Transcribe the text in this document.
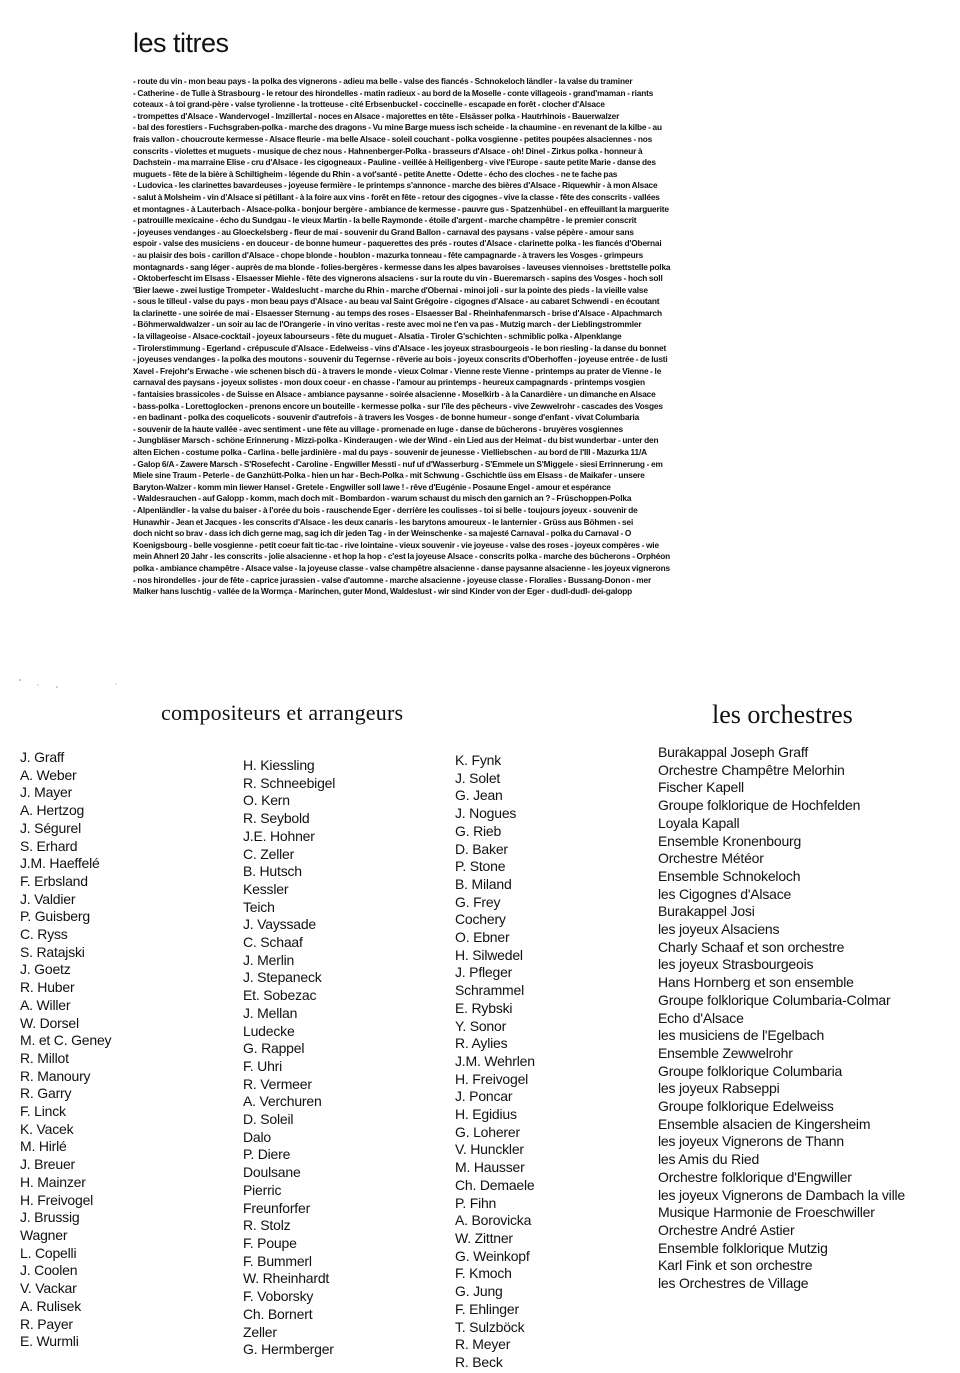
les titres
- route du vin - mon beau pays - la polka des vignerons - adieu ma belle - valse des fiancés - Schnokeloch ländler - la valse du traminer
- Catherine - de Tulle à Strasbourg - le retour des hirondelles - matin radieux - au bord de la Moselle - conte villageois - grand'maman - riants
coteaux - à toi grand-père - valse tyrolienne - la trotteuse - cité Erbsenbuckel - coccinelle - escapade en forêt - clocher d'Alsace
- trompettes d'Alsace - Wandervogel - Imzillertal - noces en Alsace - majorettes en tête - Elsässer polka - Hautrhinois - Bauerwalzer
- bal des forestiers - Fuchsgraben-polka - marche des dragons - Vu mine Barge muess isch scheide - la chaumine - en revenant de la kilbe - au
frais vallon - choucroute kermesse - Alsace fleurie - ma belle Alsace - soleil couchant - polka vosgienne - petites poupées alsaciennes - nos
conscrits - violettes et muguets - musique de chez nous - Hahnenberger-Polka - brasseurs d'Alsace - oh! Dinel - Zirkus polka - honneur à
Dachstein - ma marraine Elise - cru d'Alsace - les cigogneaux - Pauline - veillée à Heiligenberg - vive l'Europe - saute petite Marie - danse des
muguets - fête de la bière à Schiltigheim - légende du Rhin - a vot'santé - petite Anette - Odette - écho des cloches - ne te fache pas
- Ludovica - les clarinettes bavardeuses - joyeuse fermière - le printemps s'annonce - marche des bières d'Alsace - Riquewhir - à mon Alsace
- salut à Molsheim - vin d'Alsace si pétillant - à la foire aux vins - forêt en fête - retour des cigognes - vive la classe - fête des conscrits - vallées
et montagnes - à Lauterbach - Alsace-polka - bonjour bergère - ambiance de kermesse - pauvre gus - Spatzenhübel - en effeuillant la marguerite
- patrouille mexicaine - écho du Sundgau - le vieux Martin - la belle Raymonde - étoile d'argent - marche champêtre - le premier conscrit
- joyeuses vendanges - au Gloeckelsberg - fleur de mai - souvenir du Grand Ballon - carnaval des paysans - valse pépère - amour sans
espoir - valse des musiciens - en douceur - de bonne humeur - paquerettes des prés - routes d'Alsace - clarinette polka - les fiancés d'Obernai
- au plaisir des bois - carillon d'Alsace - chope blonde - houblon - mazurka tonneau - fête campagnarde - à travers les Vosges - grimpeurs
montagnards - sang léger - auprès de ma blonde - folies-bergères - kermesse dans les alpes bavaroises - laveuses viennoises - brettstelle polka
- Oktoberfescht im Elsass - Elsaesser Miehle - fête des vignerons alsaciens - sur la route du vin - Bueremarsch - sapins des Vosges - hoch soll
'Bier laewe - zwei lustige Trompeter - Waldeslucht - marche du Rhin - marche d'Obernai - minoi joli - sur la pointe des pieds - la vieille valse
- sous le tilleul - valse du pays - mon beau pays d'Alsace - au beau val Saint Grégoire - cigognes d'Alsace - au cabaret Schwendi - en écoutant
la clarinette - une soirée de mai - Elsaesser Sternung - au temps des roses - Elsaesser Bal - Rheinhafenmarsch - brise d'Alsace - Alpachmarch
- Böhmerwaldwalzer - un soir au lac de l'Orangerie - in vino veritas - reste avec moi ne t'en va pas - Mutzig march - der Lieblingstrommler
- la villageoise - Alsace-cocktail - joyeux labourseurs - fête du muguet - Alsatia - Tiroler G'schichten - schmiblic polka - Alpenklange
- Tirolerstimmung - Egerland - crépuscule d'Alsace - Edelweiss - vins d'Alsace - les joyeux strasbourgeois - le bon riesling - la danse du bonnet
- joyeuses vendanges - la polka des moutons - souvenir du Tegernse - rêverie au bois - joyeux conscrits d'Oberhoffen - joyeuse entrée - de lusti
Xavel - Frejohr's Erwache - wie schenen bisch dü - à travers le monde - vieux Colmar - Vienne reste Vienne - printemps au prater de Vienne - le
carnaval des paysans - joyeux solistes - mon doux coeur - en chasse - l'amour au printemps - heureux campagnards - printemps vosgien
- fantaisies brassicoles - de Suisse en Alsace - ambiance paysanne - soirée alsacienne - Moselkirb - à la Canardière - un dimanche en Alsace
- bass-polka - Lorettoglocken - prenons encore un bouteille - kermesse polka - sur l'île des pêcheurs - vive Zewwelrohr - cascades des Vosges
- en badinant - polka des coquelicots - souvenir d'autrefois - à travers les Vosges - de bonne humeur - songe d'enfant - vivat Columbaria
- souvenir de la haute vallée - avec sentiment - une fête au village - promenade en luge - danse de bûcherons - bruyères vosgiennes
- Jungbläser Marsch - schöne Erinnerung - Mizzi-polka - Kinderaugen - wie der Wind - ein Lied aus der Heimat - du bist wunderbar - unter den
alten Eichen - costume polka - Carlina - belle jardinière - mal du pays - souvenir de jeunesse - Vielliebschen - au bord de l'Ill - Mazurka 11/A
- Galop 6/A - Zawere Marsch - S'Rosefecht - Caroline - Engwiller Messti - nuf uf d'Wasserburg - S'Emmele un S'Miggele - siesi Errinnerung - em
Miele sine Traum - Peterle - de Ganzhütt-Polka - hien un har - Bech-Polka - mit Schwung - Gschichtle üss em Elsass - de Maikafer - unsere
Baryton-Walzer - komm min liewer Hansel - Gretele - Engwiller soll lawe ! - rêve d'Eugénie - Posaune Engel - amour et espérance
- Waldesrauchen - auf Galopp - komm, mach doch mit - Bombardon - warum schaust du misch den garnich an ? - Früschoppen-Polka
- Alpenländler - la valse du baiser - à l'orée du bois - rauschende Eger - derrière les coulisses - toi si belle - toujours joyeux - souvenir de
Hunawhir - Jean et Jacques - les conscrits d'Alsace - les deux canaris - les barytons amoureux - le lanternier - Grüss aus Böhmen - sei
doch nicht so brav - dass ich dich gerne mag, sag ich dir jeden Tag - in der Weinschenke - sa majesté Carnaval - polka du Carnaval - O
Koenigsbourg - belle vosgienne - petit coeur fait tic-tac - rive lointaine - vieux souvenir - vie joyeuse - valse des roses - joyeux compères - wie
mein Ahnerl 20 Jahr - les conscrits - jolie alsacienne - et hop la hop - c'est la joyeuse Alsace - conscrits polka - marche des bûcherons - Orphéon
polka - ambiance champêtre - Alsace valse - la joyeuse classe - valse champêtre alsacienne - danse paysanne alsacienne - les joyeux vignerons
- nos hirondelles - jour de fête - caprice jurassien - valse d'automne - marche alsacienne - joyeuse classe - Floralies - Bussang-Donon - mer
Malker hans luschtig - vallée de la Wormça - Marinchen, guter Mond, Waldeslust - wir sind Kinder von der Eger - dudl-dudl- dei-galopp
compositeurs et arrangeurs	les orchestres
J. Graff
A. Weber
J. Mayer
A. Hertzog
J. Ségurel
S. Erhard
J.M. Haeffelé
F. Erbsland
J. Valdier
P. Guisberg
C. Ryss
S. Ratajski
J. Goetz
R. Huber
A. Willer
W. Dorsel
M. et C. Geney
R. Millot
R. Manoury
R. Garry
F. Linck
K. Vacek
M. Hirlé
J. Breuer
H. Mainzer
H. Freivogel
J. Brussig
Wagner
L. Copelli
J. Coolen
V. Vackar
A. Rulisek
R. Payer
E. Wurmli
H. Kiessling
R. Schneebigel
O. Kern
R. Seybold
J.E. Hohner
C. Zeller
B. Hutsch
Kessler
Teich
J. Vayssade
C. Schaaf
J. Merlin
J. Stepaneck
Et. Sobezac
J. Mellan
Ludecke
G. Rappel
F. Uhri
R. Vermeer
A. Verchuren
D. Soleil
Dalo
P. Diere
Doulsane
Pierric
Freunforfer
R. Stolz
F. Poupe
F. Bummerl
W. Rheinhardt
F. Voborsky
Ch. Bornert
Zeller
G. Hermberger
K. Fynk
J. Solet
G. Jean
J. Nogues
G. Rieb
D. Baker
P. Stone
B. Miland
G. Frey
Cochery
O. Ebner
H. Silwedel
J. Pfleger
Schrammel
E. Rybski
Y. Sonor
R. Aylies
J.M. Wehrlen
H. Freivogel
J. Poncar
H. Egidius
G. Loherer
V. Hunckler
M. Hausser
Ch. Demaele
P. Fihn
A. Borovicka
W. Zittner
G. Weinkopf
F. Kmoch
G. Jung
F. Ehlinger
T. Sulzböck
R. Meyer
R. Beck
Burakappal Joseph Graff
Orchestre Champêtre Melorhin
Fischer Kapell
Groupe folklorique de Hochfelden
Loyala Kapall
Ensemble Kronenbourg
Orchestre Météor
Ensemble Schnokeloch
les Cigognes d'Alsace
Burakappel Josi
les joyeux Alsaciens
Charly Schaaf et son orchestre
les joyeux Strasbourgeois
Hans Hornberg et son ensemble
Groupe folklorique Columbaria-Colmar
Echo d'Alsace
les musiciens de l'Egelbach
Ensemble Zewwelrohr
Groupe folklorique Columbaria
les joyeux Rabseppi
Groupe folklorique Edelweiss
Ensemble alsacien de Kingersheim
les joyeux Vignerons de Thann
les Amis du Ried
Orchestre folklorique d'Engwiller
les joyeux Vignerons de Dambach la ville
Musique Harmonie de Froeschwiller
Orchestre André Astier
Ensemble folklorique Mutzig
Karl Fink et son orchestre
les Orchestres de Village
